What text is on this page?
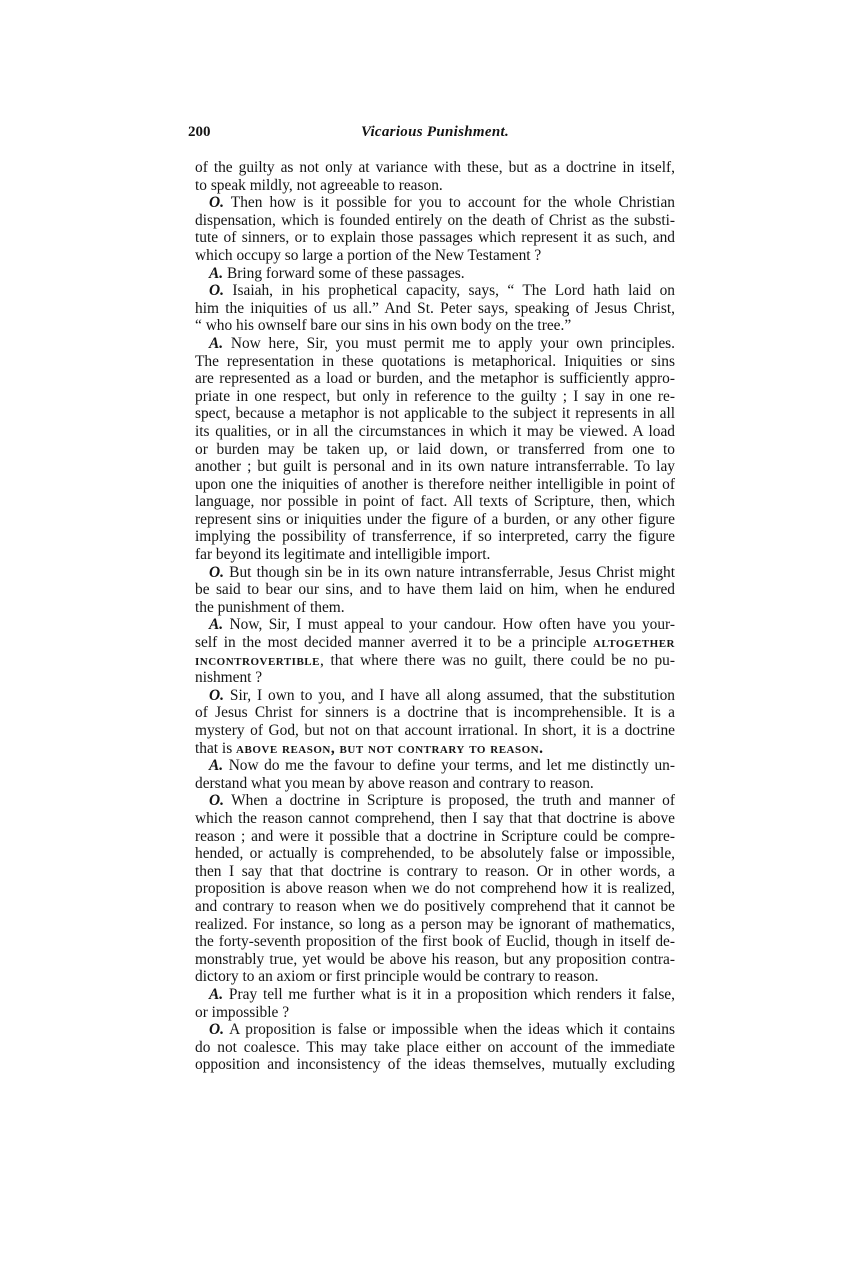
200	Vicarious Punishment.
of the guilty as not only at variance with these, but as a doctrine in itself,
to speak mildly, not agreeable to reason.
O. Then how is it possible for you to account for the whole Christian
dispensation, which is founded entirely on the death of Christ as the substi-
tute of sinners, or to explain those passages which represent it as such, and
which occupy so large a portion of the New Testament ?
A. Bring forward some of these passages.
O. Isaiah, in his prophetical capacity, says, “ The Lord hath laid on
him the iniquities of us all.” And St. Peter says, speaking of Jesus Christ,
“ who his ownself bare our sins in his own body on the tree.”
A. Now here, Sir, you must permit me to apply your own principles.
The representation in these quotations is metaphorical. Iniquities or sins
are represented as a load or burden, and the metaphor is sufficiently appro-
priate in one respect, but only in reference to the guilty ; I say in one re-
spect, because a metaphor is not applicable to the subject it represents in all
its qualities, or in all the circumstances in which it may be viewed. A load
or burden may be taken up, or laid down, or transferred from one to
another ; but guilt is personal and in its own nature intransferrable. To lay
upon one the iniquities of another is therefore neither intelligible in point of
language, nor possible in point of fact. All texts of Scripture, then, which
represent sins or iniquities under the figure of a burden, or any other figure
implying the possibility of transferrence, if so interpreted, carry the figure
far beyond its legitimate and intelligible import.
O. But though sin be in its own nature intransferrable, Jesus Christ might
be said to bear our sins, and to have them laid on him, when he endured
the punishment of them.
A. Now, Sir, I must appeal to your candour. How often have you your-
self in the most decided manner averred it to be a principle altogether
incontrovertible, that where there was no guilt, there could be no pu-
nishment ?
O. Sir, I own to you, and I have all along assumed, that the substitution
of Jesus Christ for sinners is a doctrine that is incomprehensible. It is a
mystery of God, but not on that account irrational. In short, it is a doctrine
that is above reason, but not contrary to reason.
A. Now do me the favour to define your terms, and let me distinctly un-
derstand what you mean by above reason and contrary to reason.
O. When a doctrine in Scripture is proposed, the truth and manner of
which the reason cannot comprehend, then I say that that doctrine is above
reason ; and were it possible that a doctrine in Scripture could be compre-
hended, or actually is comprehended, to be absolutely false or impossible,
then I say that that doctrine is contrary to reason. Or in other words, a
proposition is above reason when we do not comprehend how it is realized,
and contrary to reason when we do positively comprehend that it cannot be
realized. For instance, so long as a person may be ignorant of mathematics,
the forty-seventh proposition of the first book of Euclid, though in itself de-
monstrably true, yet would be above his reason, but any proposition contra-
dictory to an axiom or first principle would be contrary to reason.
A. Pray tell me further what is it in a proposition which renders it false,
or impossible ?
O. A proposition is false or impossible when the ideas which it contains
do not coalesce. This may take place either on account of the immediate
opposition and inconsistency of the ideas themselves, mutually excluding
